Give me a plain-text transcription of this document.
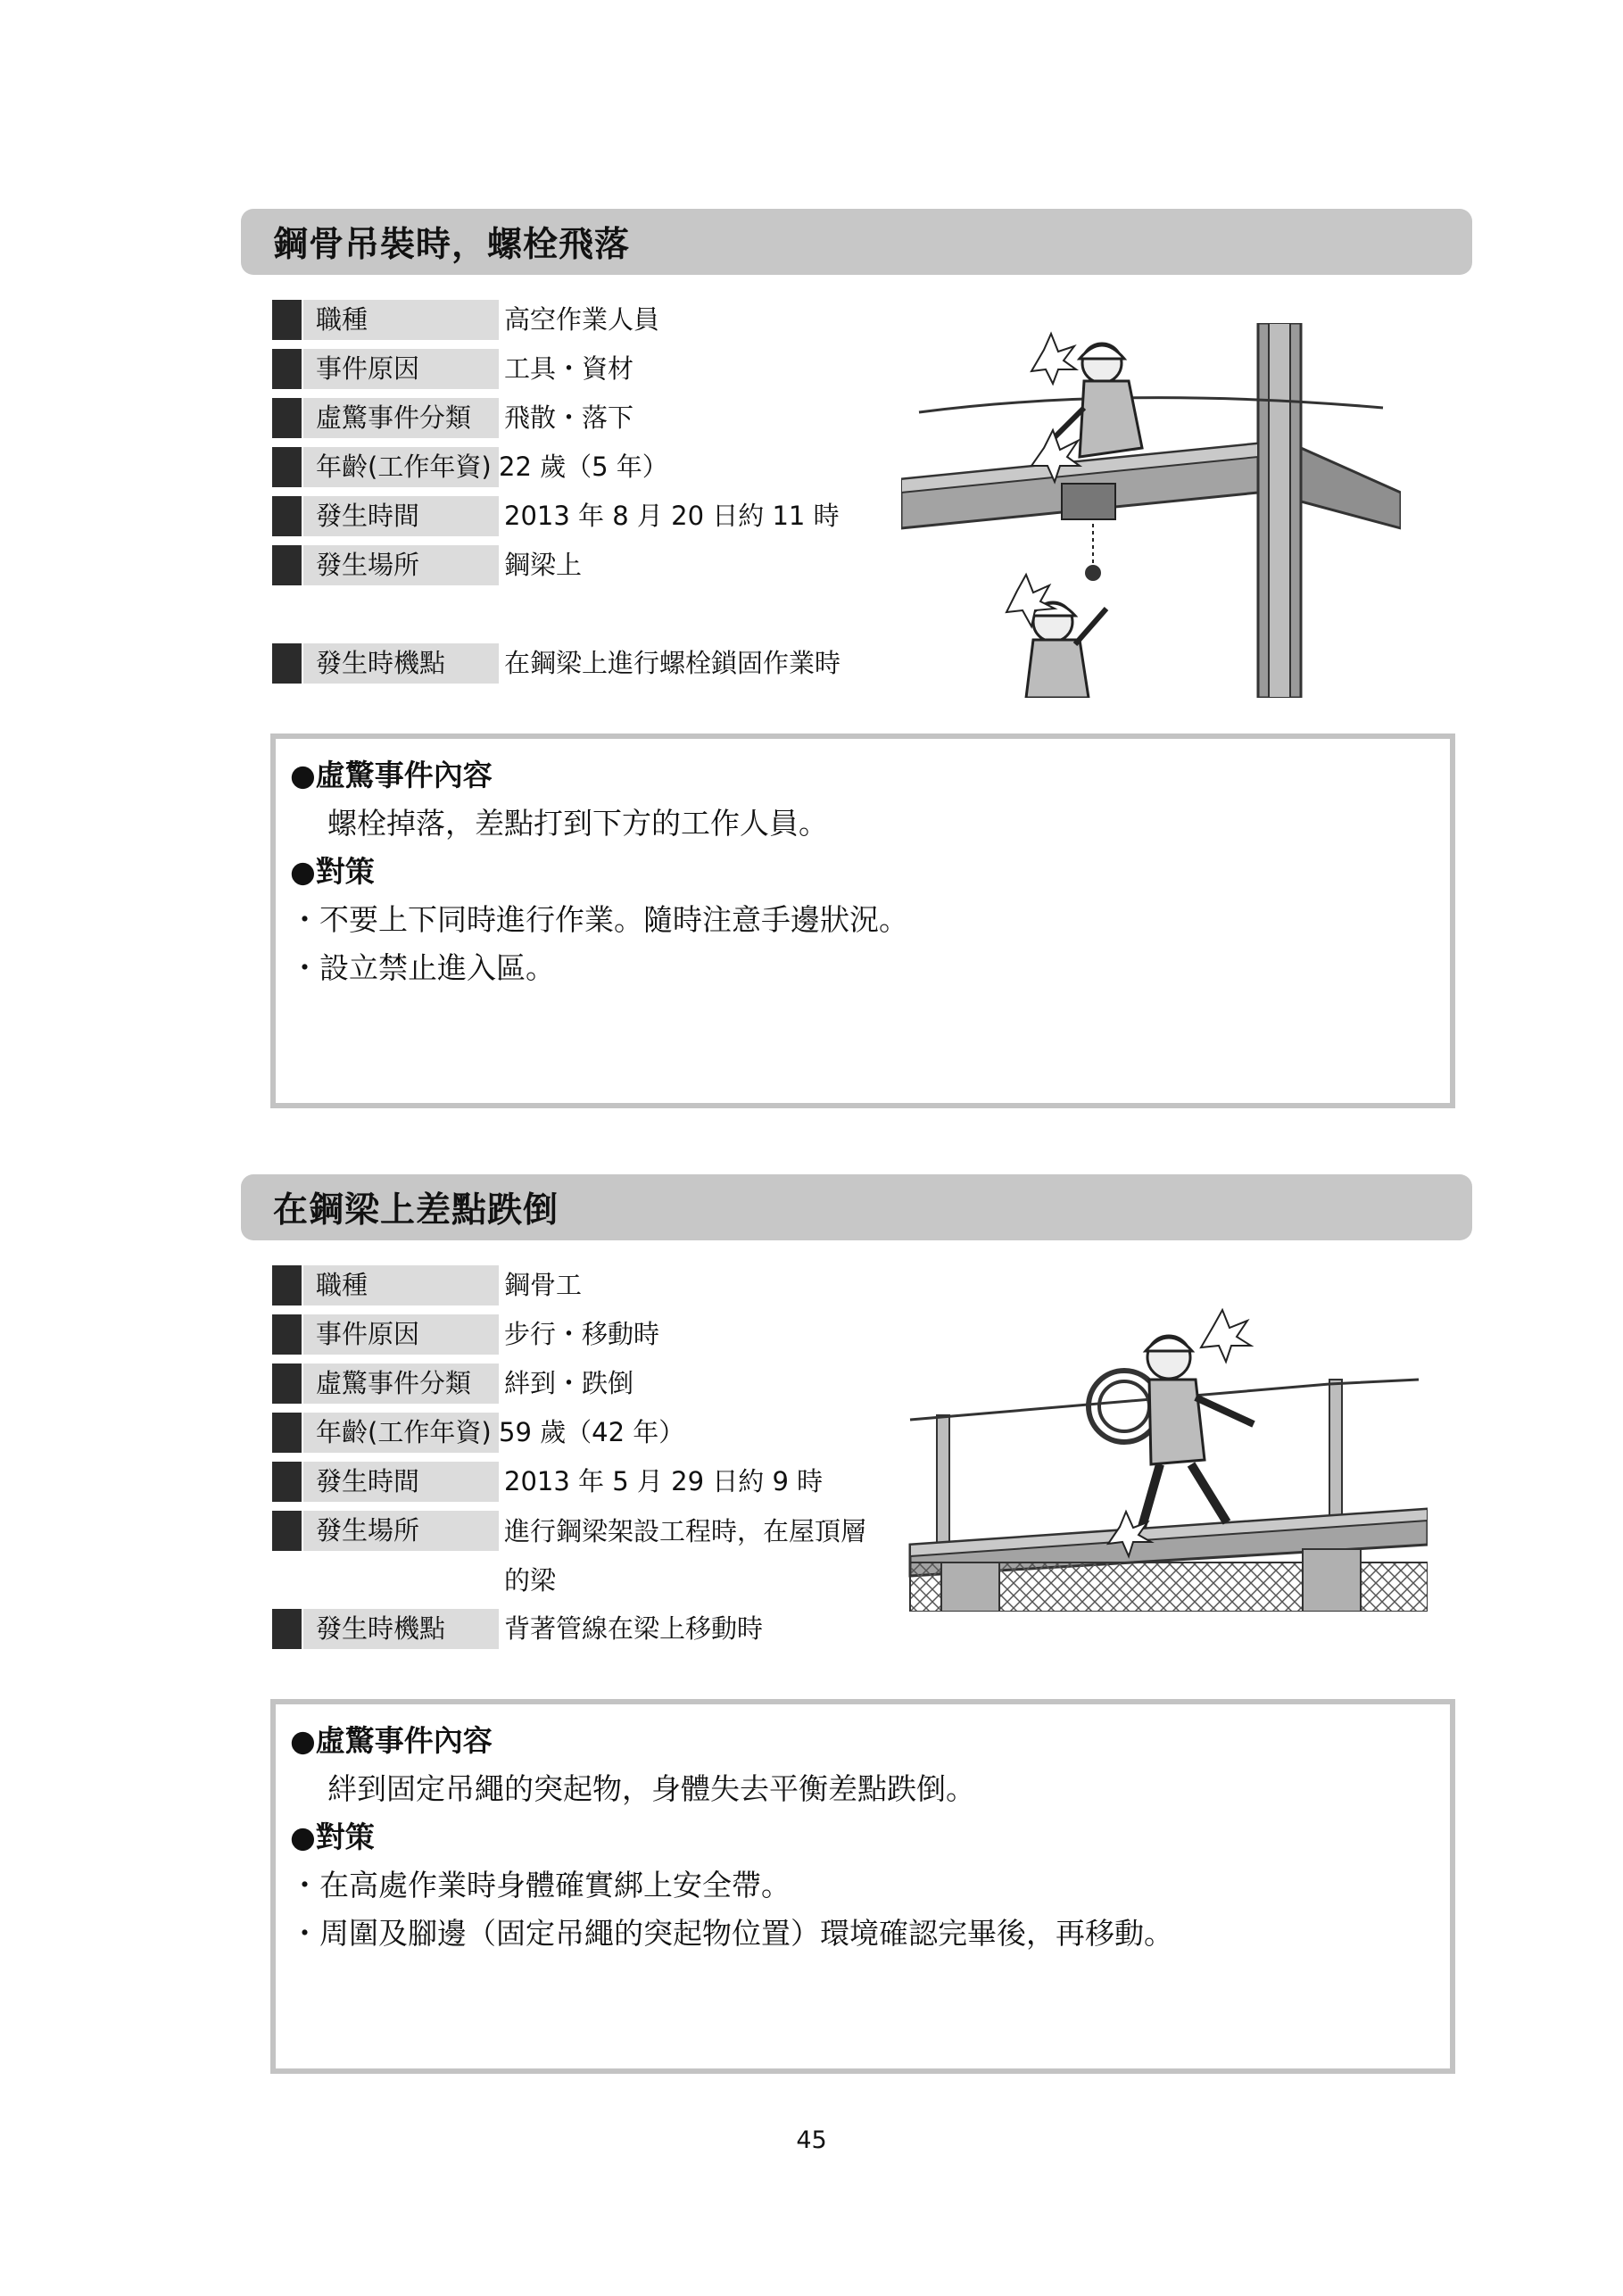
鋼骨吊裝時，螺栓飛落
職種	高空作業人員
事件原因	工具・資材
虛驚事件分類	飛散・落下
年齡(工作年資) 22 歲（5 年）
發生時間	2013 年 8 月 20 日約 11 時
發生場所	鋼梁上
發生時機點	在鋼梁上進行螺栓鎖固作業時

●虛驚事件內容

螺栓掉落，差點打到下方的工作人員。

●對策

・不要上下同時進行作業。隨時注意手邊狀況。

・設立禁止進入區。

在鋼梁上差點跌倒
職種	鋼骨工
事件原因	步行・移動時
虛驚事件分類	絆到・跌倒
年齡(工作年資) 59 歲（42 年）
發生時間	2013 年 5 月 29 日約 9 時
發生場所	進行鋼梁架設工程時，在屋頂層
的梁
發生時機點	背著管線在梁上移動時

●虛驚事件內容

絆到固定吊繩的突起物，身體失去平衡差點跌倒。

●對策

・在高處作業時身體確實綁上安全帶。

・周圍及腳邊（固定吊繩的突起物位置）環境確認完畢後，再移動。

45
